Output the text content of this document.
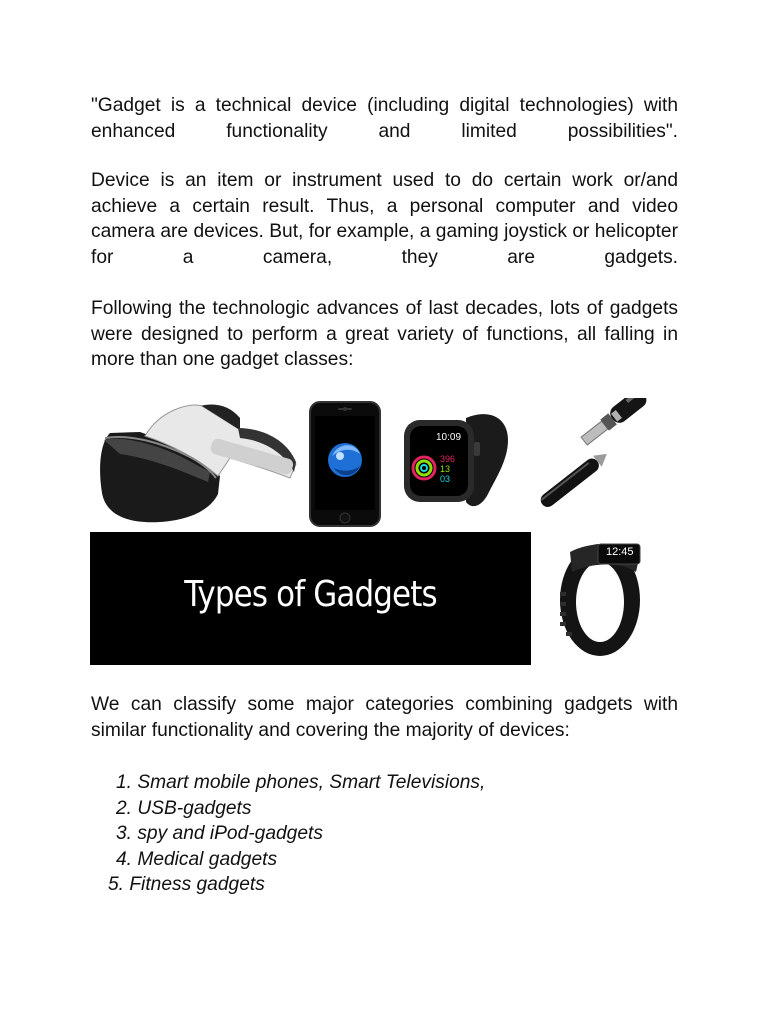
"Gadget is a technical device (including digital technologies) with enhanced functionality and limited possibilities".

Device is an item or instrument used to do certain work or/and achieve a certain result. Thus, a personal computer and video camera are devices. But, for example, a gaming joystick or helicopter for a camera, they are gadgets.

Following the technologic advances of last decades, lots of gadgets were designed to perform a great variety of functions, all falling in more than one gadget classes:

10:09
396
13
03
Types of Gadgets
12:45

We can classify some major categories combining gadgets with similar functionality and covering the majority of devices:

1. Smart mobile phones, Smart Televisions,
2. USB-gadgets
3. spy and iPod-gadgets
4. Medical gadgets
5. Fitness gadgets
